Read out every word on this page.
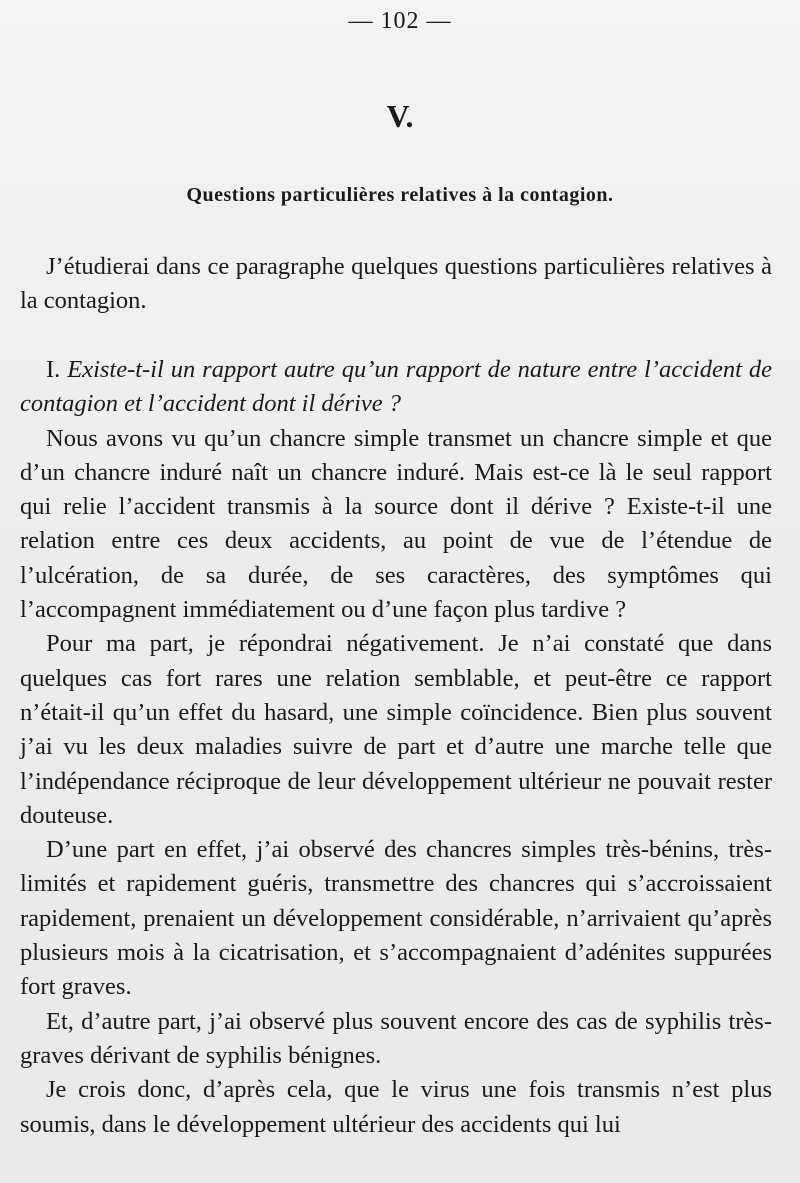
— 102 —
V.
Questions particulières relatives à la contagion.

J’étudierai dans ce paragraphe quelques questions particulières relatives à la contagion.

I. Existe-t-il un rapport autre qu’un rapport de nature entre l’accident de contagion et l’accident dont il dérive ?

Nous avons vu qu’un chancre simple transmet un chancre simple et que d’un chancre induré naît un chancre induré. Mais est-ce là le seul rapport qui relie l’accident transmis à la source dont il dérive ? Existe-t-il une relation entre ces deux accidents, au point de vue de l’étendue de l’ulcération, de sa durée, de ses caractères, des symptômes qui l’accompagnent immédiatement ou d’une façon plus tardive ?

Pour ma part, je répondrai négativement. Je n’ai constaté que dans quelques cas fort rares une relation semblable, et peut-être ce rapport n’était-il qu’un effet du hasard, une simple coïncidence. Bien plus souvent j’ai vu les deux maladies suivre de part et d’autre une marche telle que l’indépendance réciproque de leur développement ultérieur ne pouvait rester douteuse.

D’une part en effet, j’ai observé des chancres simples très-bénins, très-limités et rapidement guéris, transmettre des chancres qui s’accroissaient rapidement, prenaient un développement considérable, n’arrivaient qu’après plusieurs mois à la cicatrisation, et s’accompagnaient d’adénites suppurées fort graves.

Et, d’autre part, j’ai observé plus souvent encore des cas de syphilis très-graves dérivant de syphilis bénignes.

Je crois donc, d’après cela, que le virus une fois transmis n’est plus soumis, dans le développement ultérieur des accidents qui lui
